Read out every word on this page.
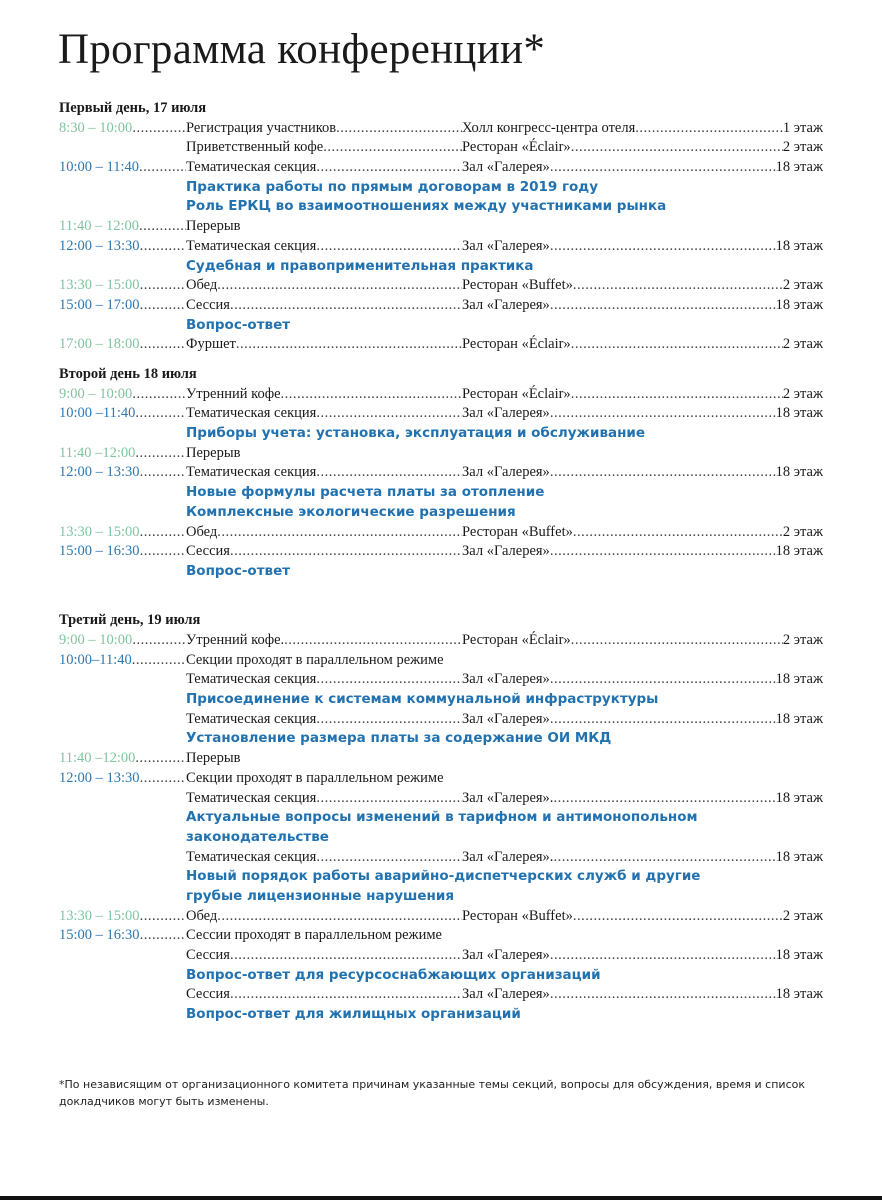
Программа конференции*
Первый день, 17 июля
8:30 – 10:00 .....	Регистрация участников .....	Холл конгресс-центра отеля .....	1 этаж
Приветственный кофе .....	Ресторан «Éclair» .....	2 этаж
10:00 – 11:40 .....	Тематическая секция .....	Зал «Галерея» .....	18 этаж
Практика работы по прямым договорам в 2019 году
Роль ЕРКЦ во взаимоотношениях между участниками рынка
11:40 – 12:00 .....	Перерыв
12:00 – 13:30 .....	Тематическая секция .....	Зал «Галерея» .....	18 этаж
Судебная и правоприменительная практика
13:30 – 15:00 .....	Обед .....	Ресторан «Buffet» .....	2 этаж
15:00 – 17:00 .....	Сессия .....	Зал «Галерея» .....	18 этаж
Вопрос-ответ
17:00 – 18:00 .....	Фуршет .....	Ресторан «Éclair» .....	2 этаж
Второй день 18 июля
9:00 – 10:00 .....	Утренний кофе .....	Ресторан «Éclair» .....	2 этаж
10:00 –11:40 .....	Тематическая секция .....	Зал «Галерея» .....	18 этаж
Приборы учета: установка, эксплуатация и обслуживание
11:40 –12:00 .....	Перерыв
12:00 – 13:30 .....	Тематическая секция .....	Зал «Галерея» .....	18 этаж
Новые формулы расчета платы за отопление
Комплексные экологические разрешения
13:30 – 15:00 .....	Обед .....	Ресторан «Buffet» .....	2 этаж
15:00 – 16:30 .....	Сессия .....	Зал «Галерея» .....	18 этаж
Вопрос-ответ
Третий день, 19 июля
9:00 – 10:00 .....	Утренний кофе. .....	Ресторан «Éclair» .....	2 этаж
10:00–11:40 .....	Секции проходят в параллельном режиме
Тематическая секция .....	Зал «Галерея» .....	18 этаж
Присоединение к системам коммунальной инфраструктуры
Тематическая секция .....	Зал «Галерея» .....	18 этаж
Установление размера платы за содержание ОИ МКД
11:40 –12:00 .....	Перерыв
12:00 – 13:30 .....	Секции проходят в параллельном режиме
Тематическая секция .....	Зал «Галерея». .....	18 этаж
Актуальные вопросы изменений в тарифном и антимонопольном законодательстве
Тематическая секция .....	Зал «Галерея». .....	18 этаж
Новый порядок работы аварийно-диспетчерских служб и другие грубые лицензионные нарушения
13:30 – 15:00 .....	Обед .....	Ресторан «Buffet» .....	2 этаж
15:00 – 16:30 .....	Сессии проходят в параллельном режиме
Сессия .....	Зал «Галерея» .....	18 этаж
Вопрос-ответ для ресурсоснабжающих организаций
Сессия .....	Зал «Галерея» .....	18 этаж
Вопрос-ответ для жилищных организаций
*По независящим от организационного комитета причинам указанные темы секций, вопросы для обсуждения, время и список докладчиков могут быть изменены.
